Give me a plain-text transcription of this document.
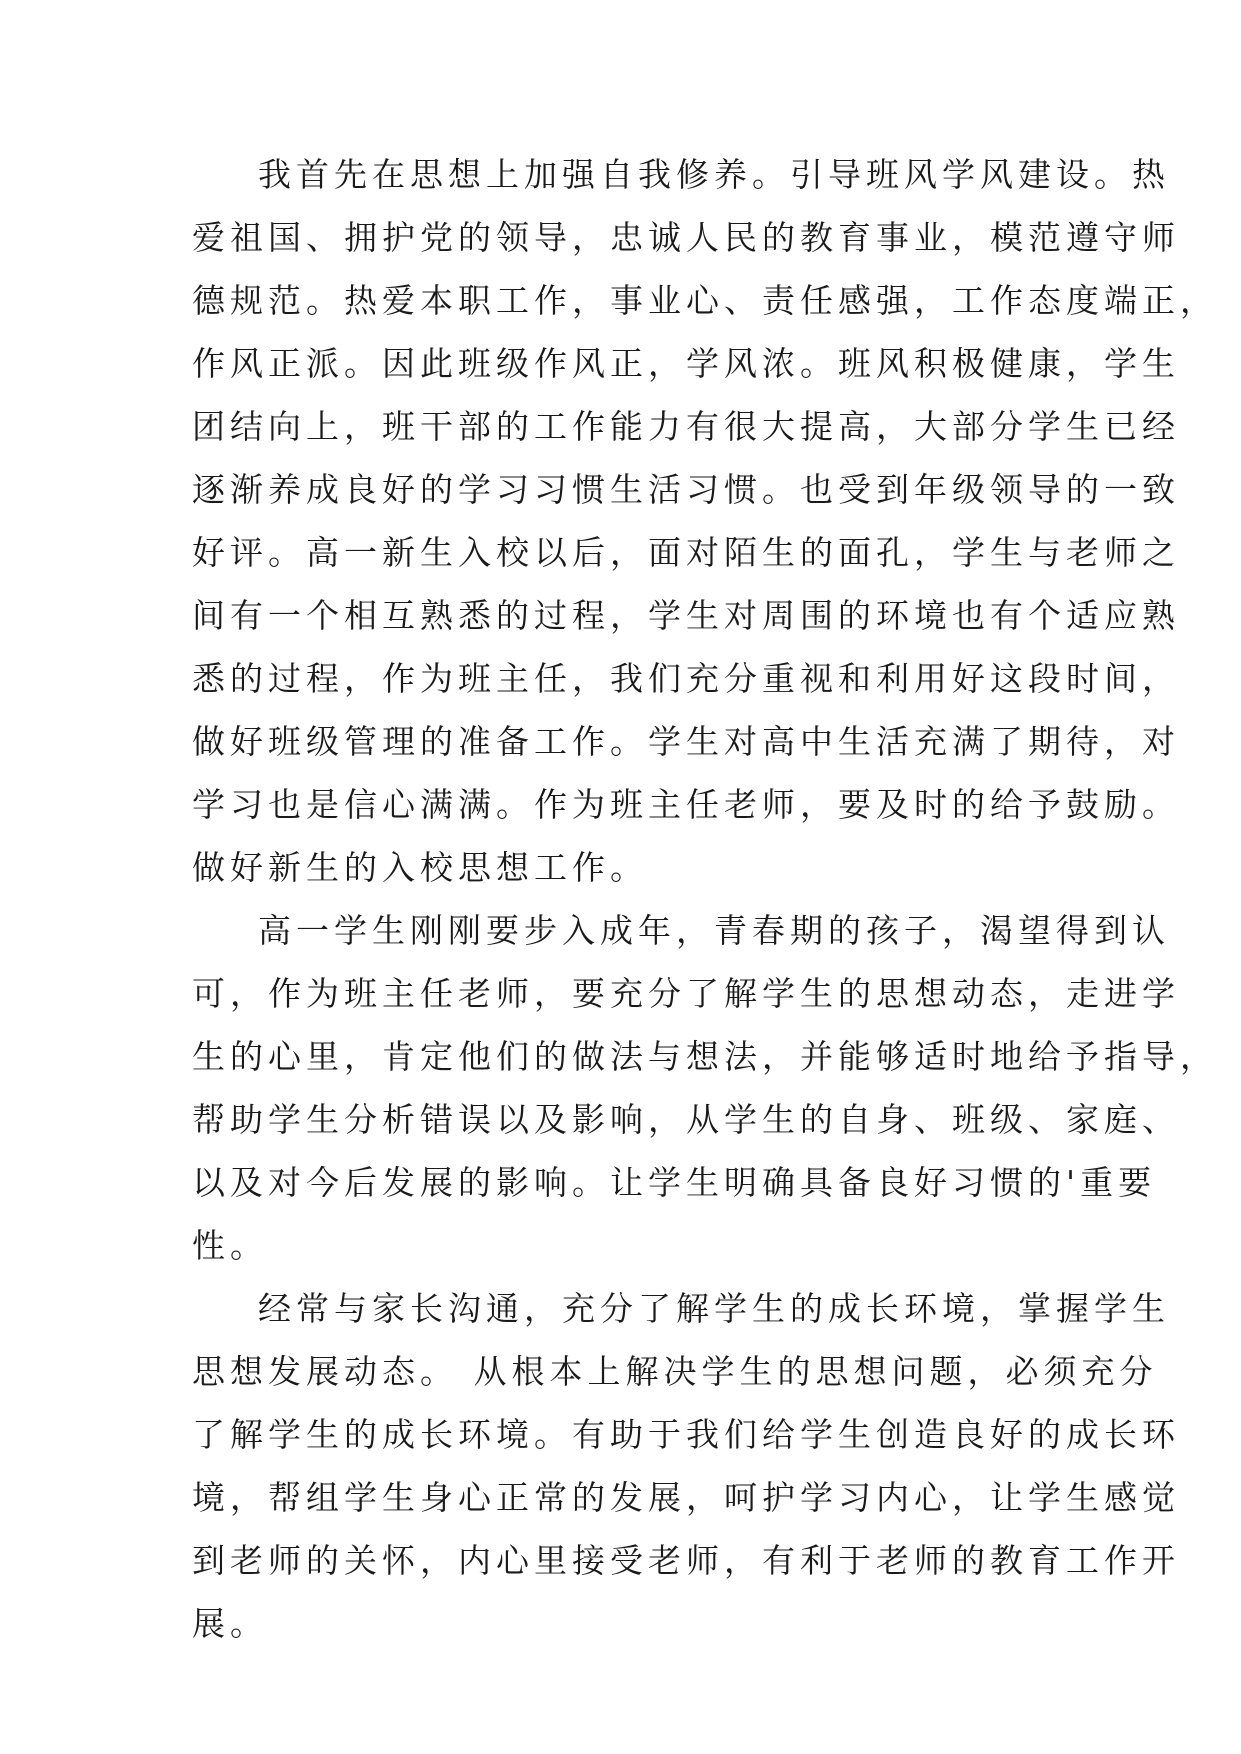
我首先在思想上加强自我修养。引导班风学风建设。热
爱祖国、拥护党的领导，忠诚人民的教育事业，模范遵守师
德规范。热爱本职工作，事业心、责任感强，工作态度端正，
作风正派。因此班级作风正，学风浓。班风积极健康，学生
团结向上，班干部的工作能力有很大提高，大部分学生已经
逐渐养成良好的学习习惯生活习惯。也受到年级领导的一致
好评。高一新生入校以后，面对陌生的面孔，学生与老师之
间有一个相互熟悉的过程，学生对周围的环境也有个适应熟
悉的过程，作为班主任，我们充分重视和利用好这段时间，
做好班级管理的准备工作。学生对高中生活充满了期待，对
学习也是信心满满。作为班主任老师，要及时的给予鼓励。
做好新生的入校思想工作。
高一学生刚刚要步入成年，青春期的孩子，渴望得到认
可，作为班主任老师，要充分了解学生的思想动态，走进学
生的心里，肯定他们的做法与想法，并能够适时地给予指导，
帮助学生分析错误以及影响，从学生的自身、班级、家庭、
以及对今后发展的影响。让学生明确具备良好习惯的'重要
性。
经常与家长沟通，充分了解学生的成长环境，掌握学生
思想发展动态。 从根本上解决学生的思想问题，必须充分
了解学生的成长环境。有助于我们给学生创造良好的成长环
境，帮组学生身心正常的发展，呵护学习内心，让学生感觉
到老师的关怀，内心里接受老师，有利于老师的教育工作开
展。
